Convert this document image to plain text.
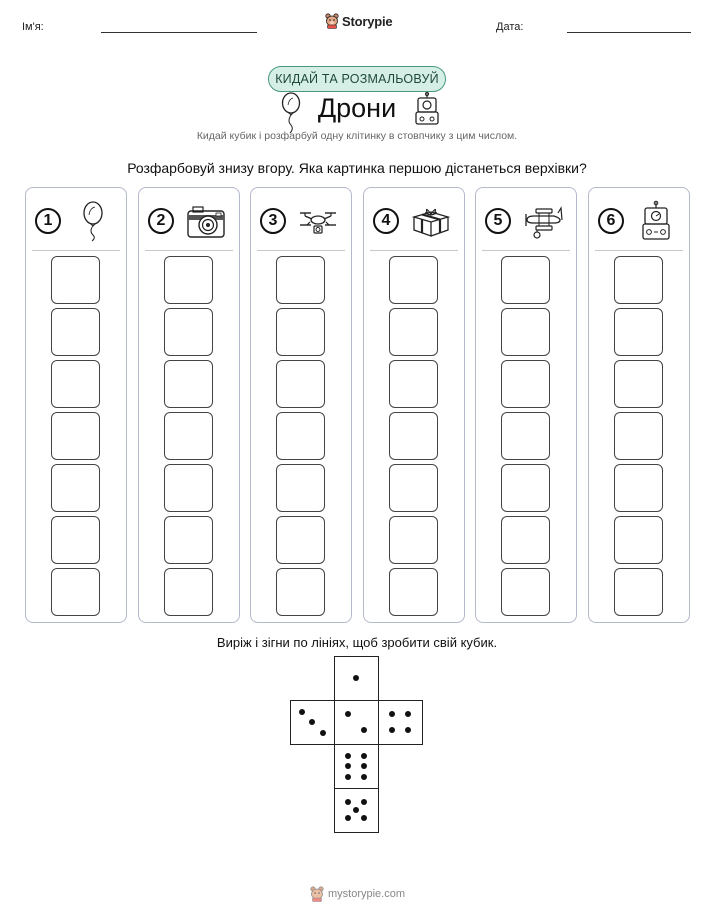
Ім'я:	Storypie	Дата:
КИДАЙ ТА РОЗМАЛЬОВУЙ
Дрони
Кидай кубик і розфарбуй одну клітинку в стовпчику з цим числом.
Розфарбовуй знизу вгору. Яка картинка першою дістанеться верхівки?
1	2	3	4	5	6
Виріж і зігни по лініях, щоб зробити свій кубик.
mystorypie.com
